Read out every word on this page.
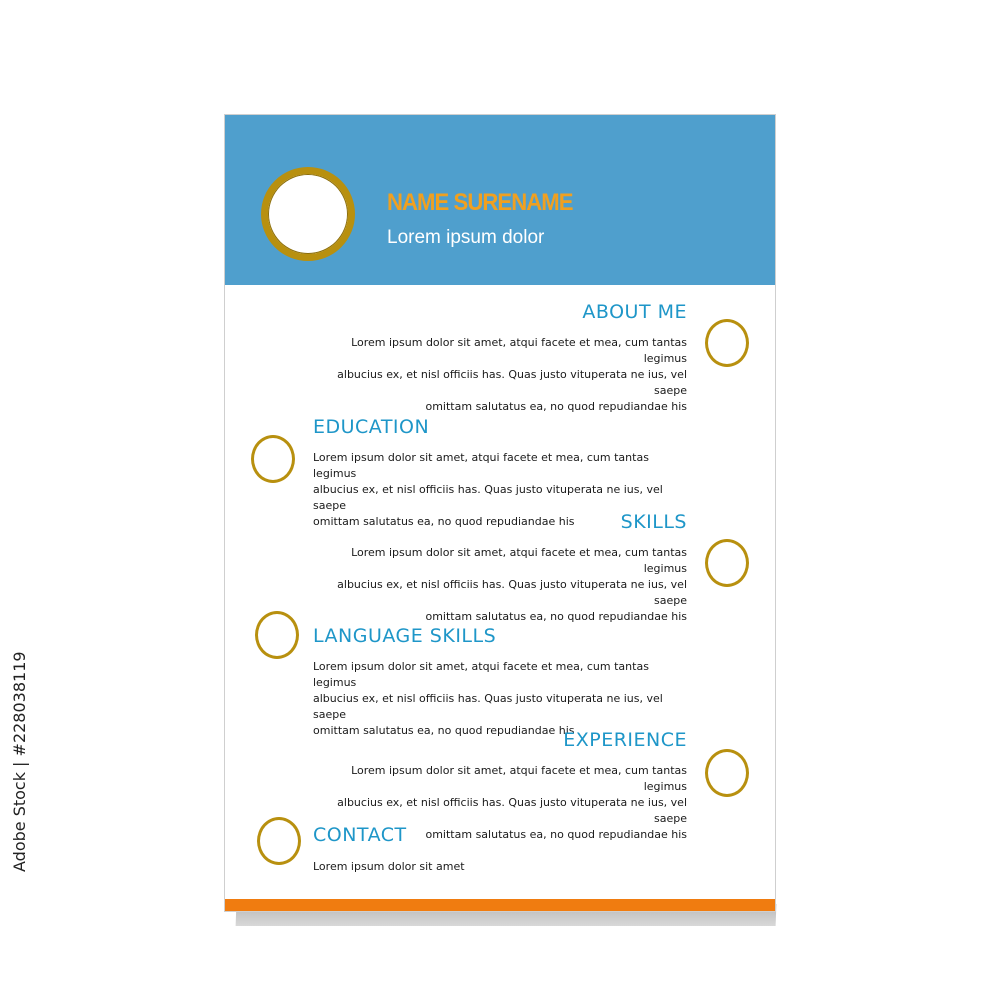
NAME SURENAME
Lorem ipsum dolor
ABOUT ME
Lorem ipsum dolor sit amet, atqui facete et mea, cum tantas legimus
albucius ex, et nisl officiis has. Quas justo vituperata ne ius, vel saepe
omittam salutatus ea, no quod repudiandae his
EDUCATION
Lorem ipsum dolor sit amet, atqui facete et mea, cum tantas legimus
albucius ex, et nisl officiis has. Quas justo vituperata ne ius, vel saepe
omittam salutatus ea, no quod repudiandae his	SKILLS
Lorem ipsum dolor sit amet, atqui facete et mea, cum tantas legimus
albucius ex, et nisl officiis has. Quas justo vituperata ne ius, vel saepe
omittam salutatus ea, no quod repudiandae his
LANGUAGE SKILLS
Lorem ipsum dolor sit amet, atqui facete et mea, cum tantas legimus
albucius ex, et nisl officiis has. Quas justo vituperata ne ius, vel saepe
omittam salutatus ea, no quod repudiandae his
EXPERIENCE
Lorem ipsum dolor sit amet, atqui facete et mea, cum tantas legimus
albucius ex, et nisl officiis has. Quas justo vituperata ne ius, vel saepe
omittam salutatus ea, no quod repudiandae his
CONTACT
Lorem ipsum dolor sit amet
Adobe Stock | #228038119
